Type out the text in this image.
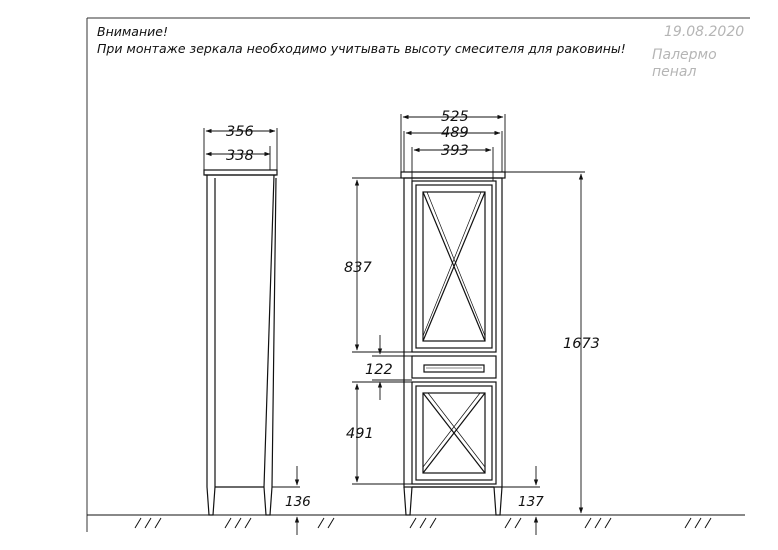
Внимание!
При монтаже зеркала необходимо учитывать высоту смесителя для раковины!
19.08.2020
Палермо
пенал
356
338
136
525
489
393
837
122
491
1673
137
